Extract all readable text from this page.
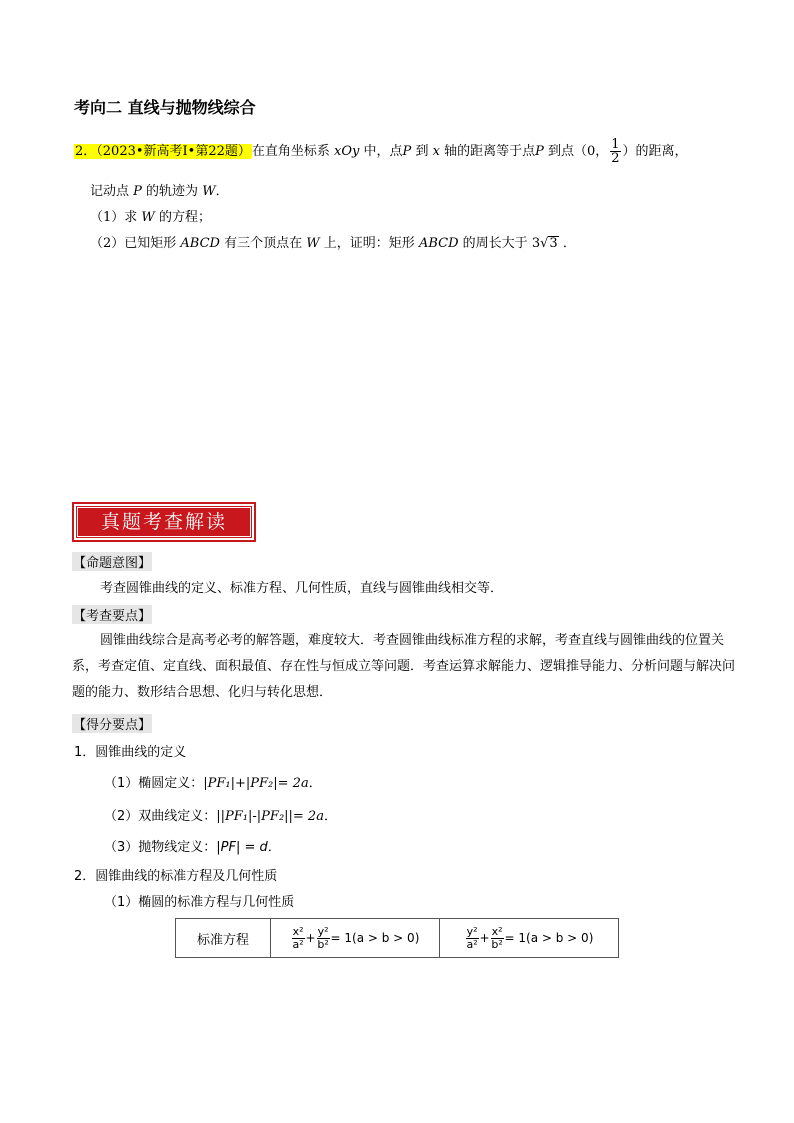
考向二 直线与抛物线综合
2．（2023•新高考Ⅰ•第22题）在直角坐标系 xOy 中，点P 到 x 轴的距离等于点P 到点（0， $\frac{1}{2}$ ）的距离，
记动点 P 的轨迹为 W．
（1）求 W 的方程；
（2）已知矩形 ABCD 有三个顶点在 W 上，证明：矩形 ABCD 的周长大于 3√3 ．
真题考查解读
【命题意图】
考查圆锥曲线的定义、标准方程、几何性质，直线与圆锥曲线相交等．
【考查要点】
圆锥曲线综合是高考必考的解答题，难度较大．考查圆锥曲线标准方程的求解，考查直线与圆锥曲线的位置关系，考查定值、定直线、面积最值、存在性与恒成立等问题．考查运算求解能力、逻辑推导能力、分析问题与解决问题的能力、数形结合思想、化归与转化思想．
【得分要点】
1．圆锥曲线的定义
（1）椭圆定义：|PF₁|+|PF₂|= 2a．
（2）双曲线定义：||PF₁|-|PF₂||= 2a．
（3）抛物线定义：|PF| = d．
2．圆锥曲线的标准方程及几何性质
（1）椭圆的标准方程与几何性质
标准方程	$\frac{\text{x²}}{\text{a²}} + \frac{\text{y²}}{\text{b²}} = 1(a > b > 0)$	$\frac{\text{y²}}{\text{a²}} + \frac{\text{x²}}{\text{b²}} = 1(a > b > 0)$
